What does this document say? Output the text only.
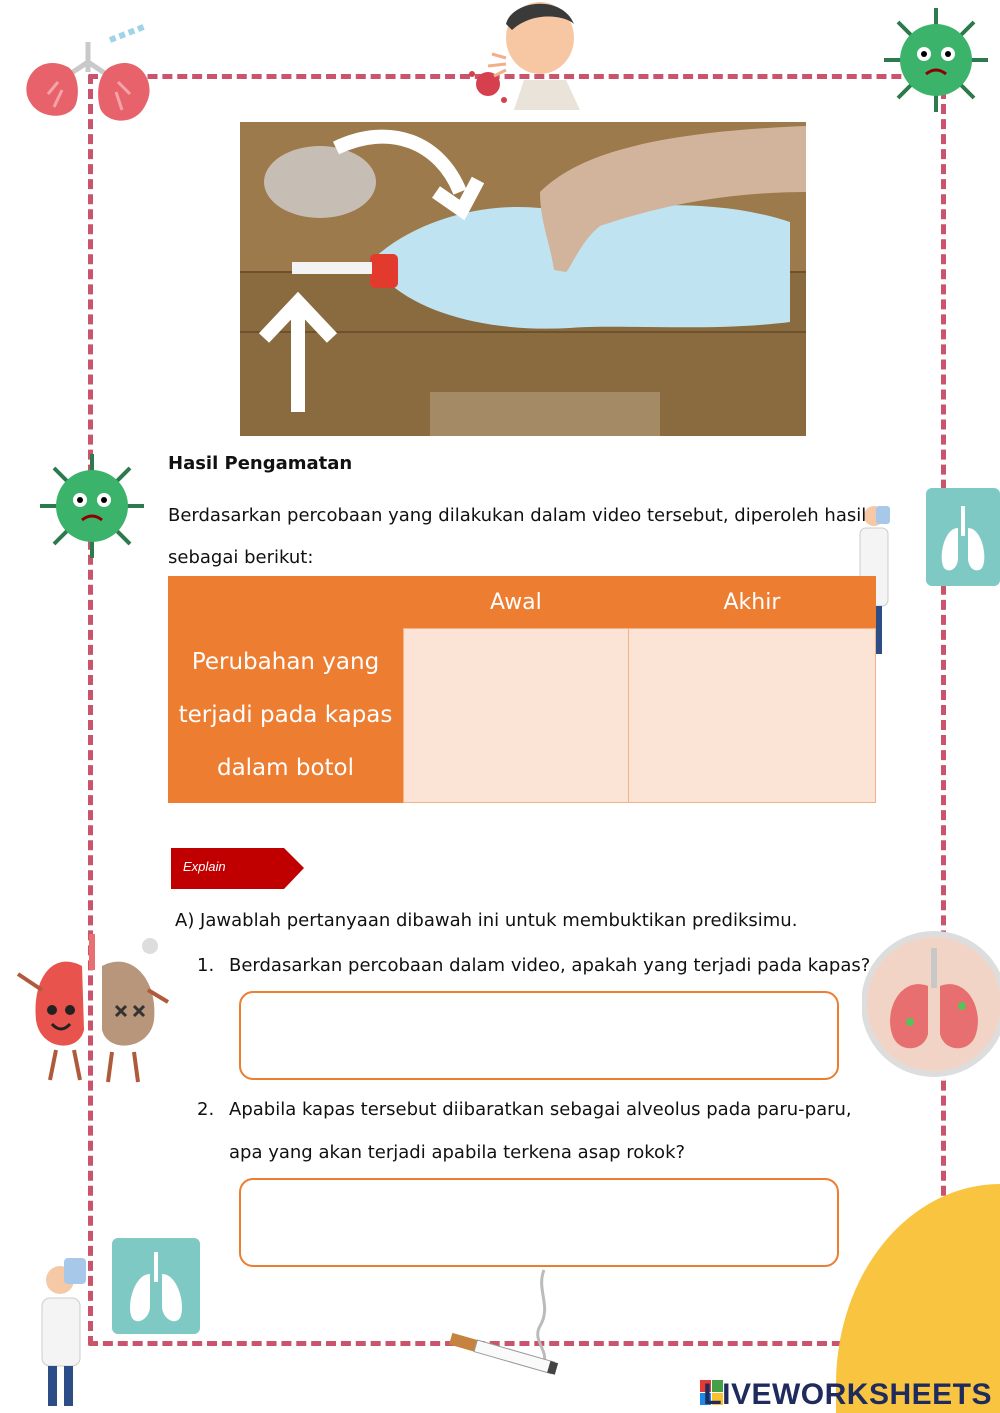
Hasil Pengamatan
Berdasarkan percobaan yang dilakukan dalam video tersebut, diperoleh hasil sebagai berikut:
	Awal	Akhir
Perubahan yang terjadi pada kapas dalam botol		
Explain
A) Jawablah pertanyaan dibawah ini untuk membuktikan prediksimu.
1. Berdasarkan percobaan dalam video, apakah yang terjadi pada kapas?
2. Apabila kapas tersebut diibaratkan sebagai alveolus pada paru-paru, apa yang akan terjadi apabila terkena asap rokok?
LIVEWORKSHEETS
